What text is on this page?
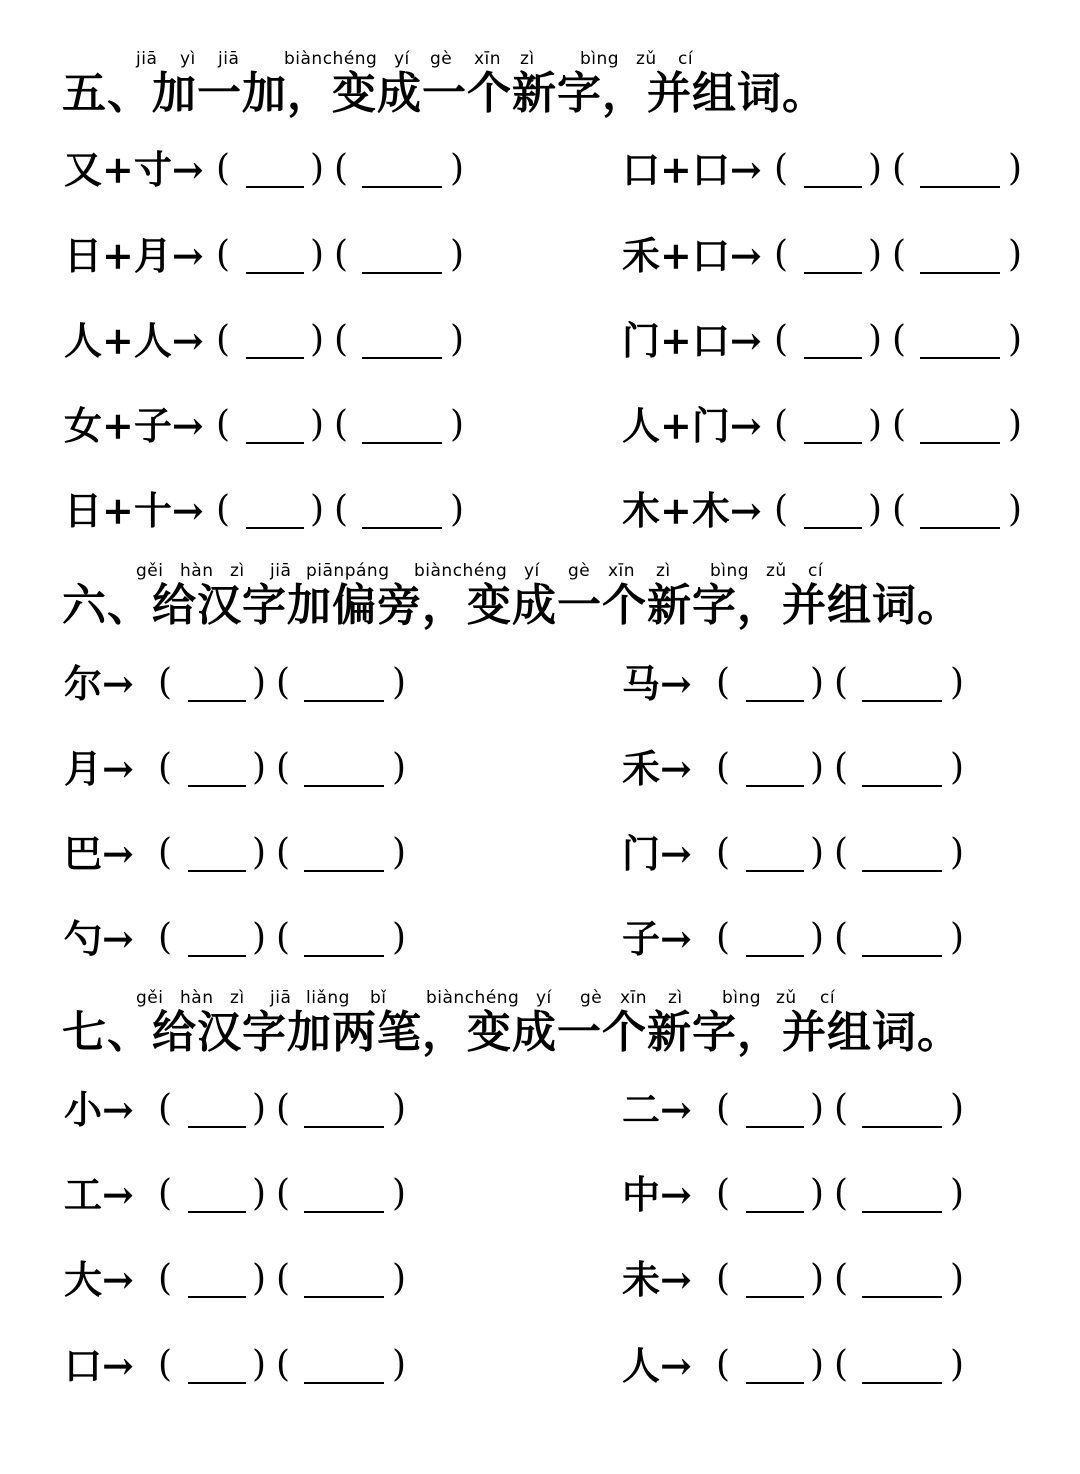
jiā yì jiā	biànchéng yí gè xīn zì	bìng zǔ cí
五、加一加，变成一个新字，并组词。
又+寸→ ( ) (	)	口+口→ ( ) (	)
日+月→ ( ) (	)	禾+口→ ( ) (	)
人+人→ ( ) (	)	门+口→ ( ) (	)
女+子→ ( ) (	)	人+门→ ( ) (	)
日+十→ ( ) (	)	木+木→ ( ) (	)
gěi hàn zì jiā piānpáng biànchéng yí gè xīn zì bìng zǔ cí
六、给汉字加偏旁，变成一个新字，并组词。
尔→ ( ) (	)	马→ ( ) (	)
月→ ( ) (	)	禾→ ( ) (	)
巴→ ( ) (	)	门→ ( ) (	)
勺→ ( ) (	)	子→ ( ) (	)
gěi hàn zì jiā liǎng bǐ biànchéng yí gè xīn zì bìng zǔ cí
七、给汉字加两笔，变成一个新字，并组词。
小→ ( ) (	)	二→ ( ) (	)
工→ ( ) (	)	中→ ( ) (	)
大→ ( ) (	)	未→ ( ) (	)
口→ ( ) (	)	人→ ( ) (	)
